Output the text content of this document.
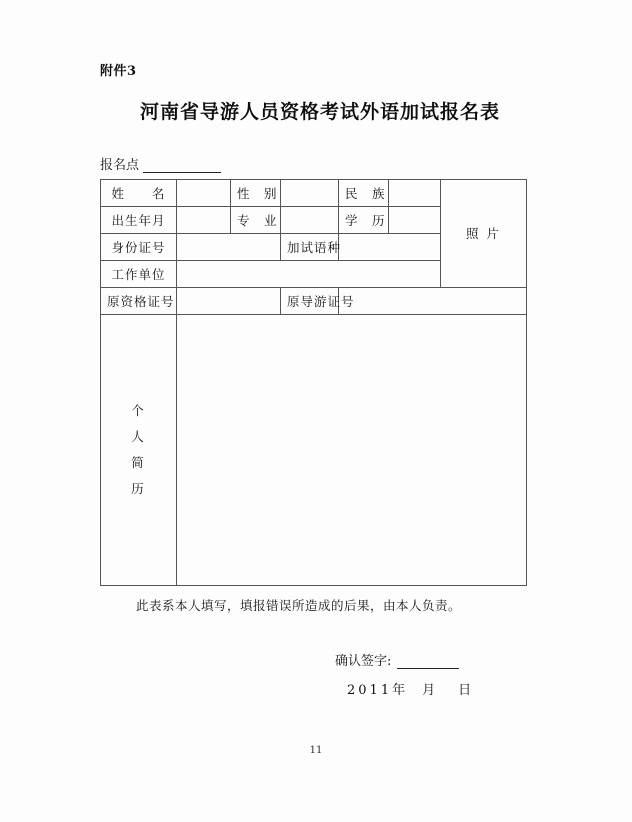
附件3
河南省导游人员资格考试外语加试报名表
报名点
姓　　名		性　别		民　族		照 片
出生年月		专　业		学　历		
身份证号			加试语种			
工作单位						
原资格证号			原导游证号			

个
人
简
历						

此表系本人填写，填报错误所造成的后果，由本人负责。
确认签字:
2011年 月 日
11
